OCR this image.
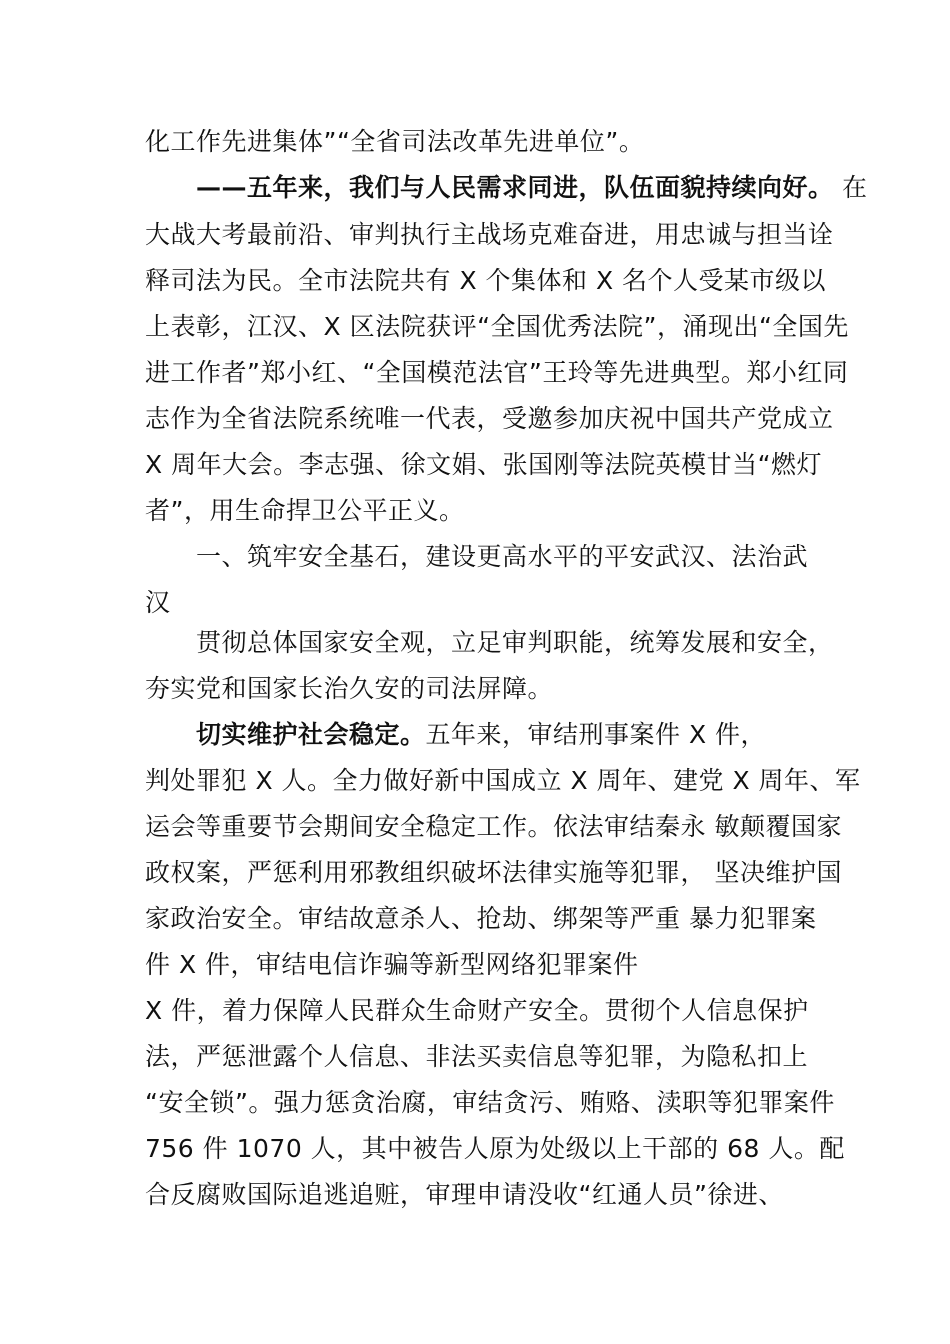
化工作先进集体”“全省司法改革先进单位”。
——五年来，我们与人民需求同进，队伍面貌持续向好。 在
大战大考最前沿、审判执行主战场克难奋进，用忠诚与担当诠
释司法为民。全市法院共有 X 个集体和 X 名个人受某市级以
上表彰，江汉、X 区法院获评“全国优秀法院”，涌现出“全国先
进工作者”郑小红、“全国模范法官”王玲等先进典型。郑小红同
志作为全省法院系统唯一代表，受邀参加庆祝中国共产党成立
X 周年大会。李志强、徐文娟、张国刚等法院英模甘当“燃灯
者”，用生命捍卫公平正义。
一、筑牢安全基石，建设更高水平的平安武汉、法治武
汉
贯彻总体国家安全观，立足审判职能，统筹发展和安全，
夯实党和国家长治久安的司法屏障。
切实维护社会稳定。五年来，审结刑事案件 X 件，
判处罪犯 X 人。全力做好新中国成立 X 周年、建党 X 周年、军
运会等重要节会期间安全稳定工作。依法审结秦永 敏颠覆国家
政权案，严惩利用邪教组织破坏法律实施等犯罪， 坚决维护国
家政治安全。审结故意杀人、抢劫、绑架等严重 暴力犯罪案
件 X 件，审结电信诈骗等新型网络犯罪案件
X 件，着力保障人民群众生命财产安全。贯彻个人信息保护
法，严惩泄露个人信息、非法买卖信息等犯罪，为隐私扣上
“安全锁”。强力惩贪治腐，审结贪污、贿赂、渎职等犯罪案件
756 件 1070 人，其中被告人原为处级以上干部的 68 人。配
合反腐败国际追逃追赃，审理申请没收“红通人员”徐进、
